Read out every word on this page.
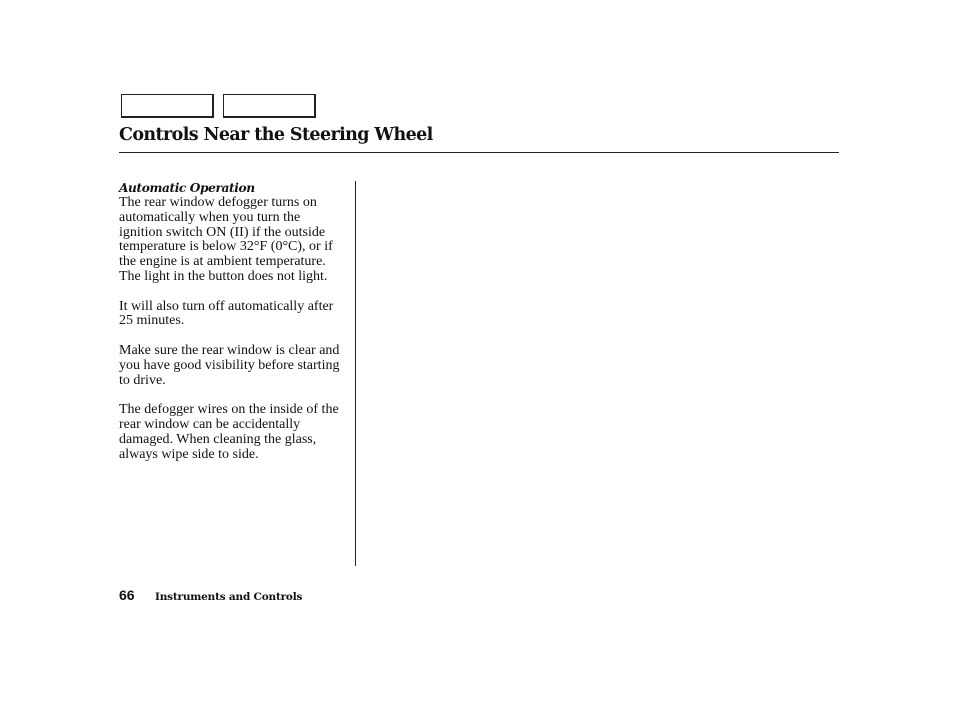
Controls Near the Steering Wheel
Automatic Operation

The rear window defogger turns on automatically when you turn the ignition switch ON (II) if the outside temperature is below 32°F (0°C), or if the engine is at ambient temperature. The light in the button does not light.

It will also turn off automatically after 25 minutes.

Make sure the rear window is clear and you have good visibility before starting to drive.

The defogger wires on the inside of the rear window can be accidentally damaged. When cleaning the glass, always wipe side to side.

66 Instruments and Controls
